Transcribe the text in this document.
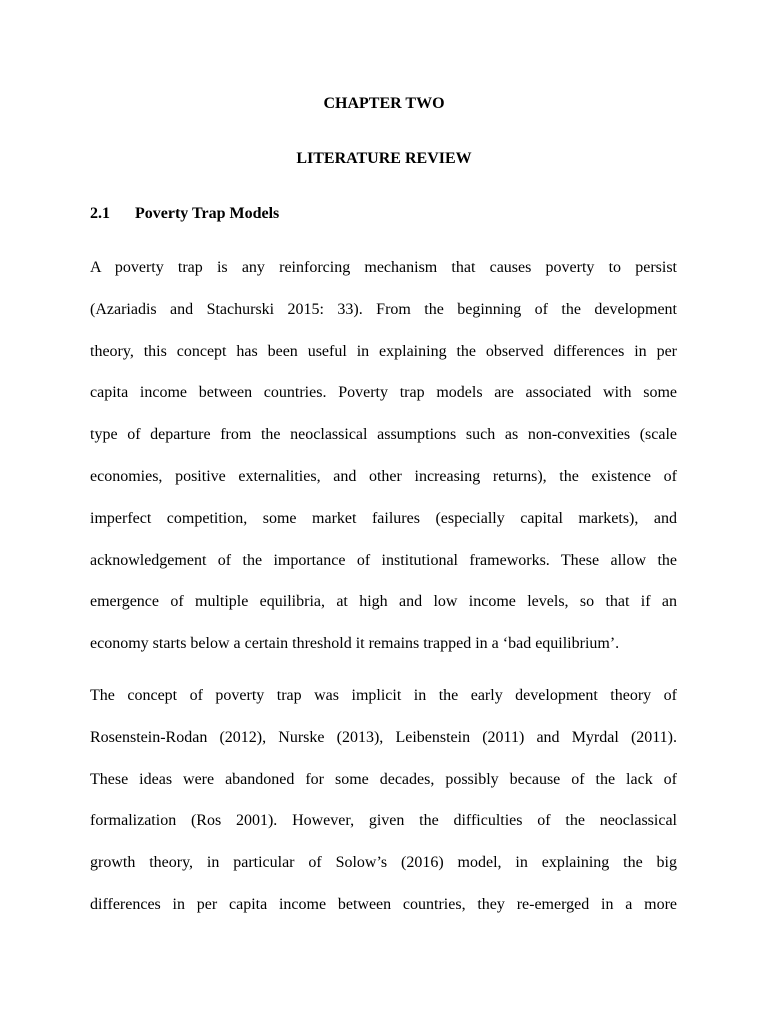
CHAPTER TWO
LITERATURE REVIEW
2.1 Poverty Trap Models
A poverty trap is any reinforcing mechanism that causes poverty to persist
(Azariadis and Stachurski 2015: 33). From the beginning of the development
theory, this concept has been useful in explaining the observed differences in per
capita income between countries. Poverty trap models are associated with some
type of departure from the neoclassical assumptions such as non-convexities (scale
economies, positive externalities, and other increasing returns), the existence of
imperfect competition, some market failures (especially capital markets), and
acknowledgement of the importance of institutional frameworks. These allow the
emergence of multiple equilibria, at high and low income levels, so that if an
economy starts below a certain threshold it remains trapped in a ‘bad equilibrium’.
The concept of poverty trap was implicit in the early development theory of
Rosenstein-Rodan (2012), Nurske (2013), Leibenstein (2011) and Myrdal (2011).
These ideas were abandoned for some decades, possibly because of the lack of
formalization (Ros 2001). However, given the difficulties of the neoclassical
growth theory, in particular of Solow’s (2016) model, in explaining the big
differences in per capita income between countries, they re-emerged in a more
